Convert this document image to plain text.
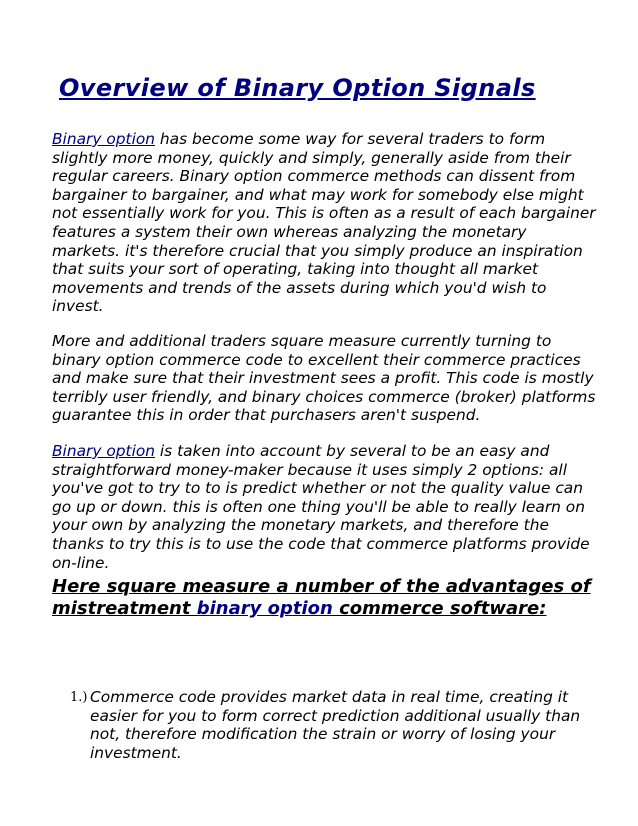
Overview of Binary Option Signals

Binary option has become some way for several traders to form slightly more money, quickly and simply, generally aside from their regular careers. Binary option commerce methods can dissent from bargainer to bargainer, and what may work for somebody else might not essentially work for you. This is often as a result of each bargainer features a system their own whereas analyzing the monetary markets. it's therefore crucial that you simply produce an inspiration that suits your sort of operating, taking into thought all market movements and trends of the assets during which you'd wish to invest.

More and additional traders square measure currently turning to binary option commerce code to excellent their commerce practices and make sure that their investment sees a profit. This code is mostly terribly user friendly, and binary choices commerce (broker) platforms guarantee this in order that purchasers aren't suspend.

Binary option is taken into account by several to be an easy and straightforward money-maker because it uses simply 2 options: all you've got to try to to is predict whether or not the quality value can go up or down. this is often one thing you'll be able to really learn on your own by analyzing the monetary markets, and therefore the thanks to try this is to use the code that commerce platforms provide on-line.

Here square measure a number of the advantages of mistreatment binary option commerce software:
1.) Commerce code provides market data in real time, creating it easier for you to form correct prediction additional usually than not, therefore modification the strain or worry of losing your investment.
